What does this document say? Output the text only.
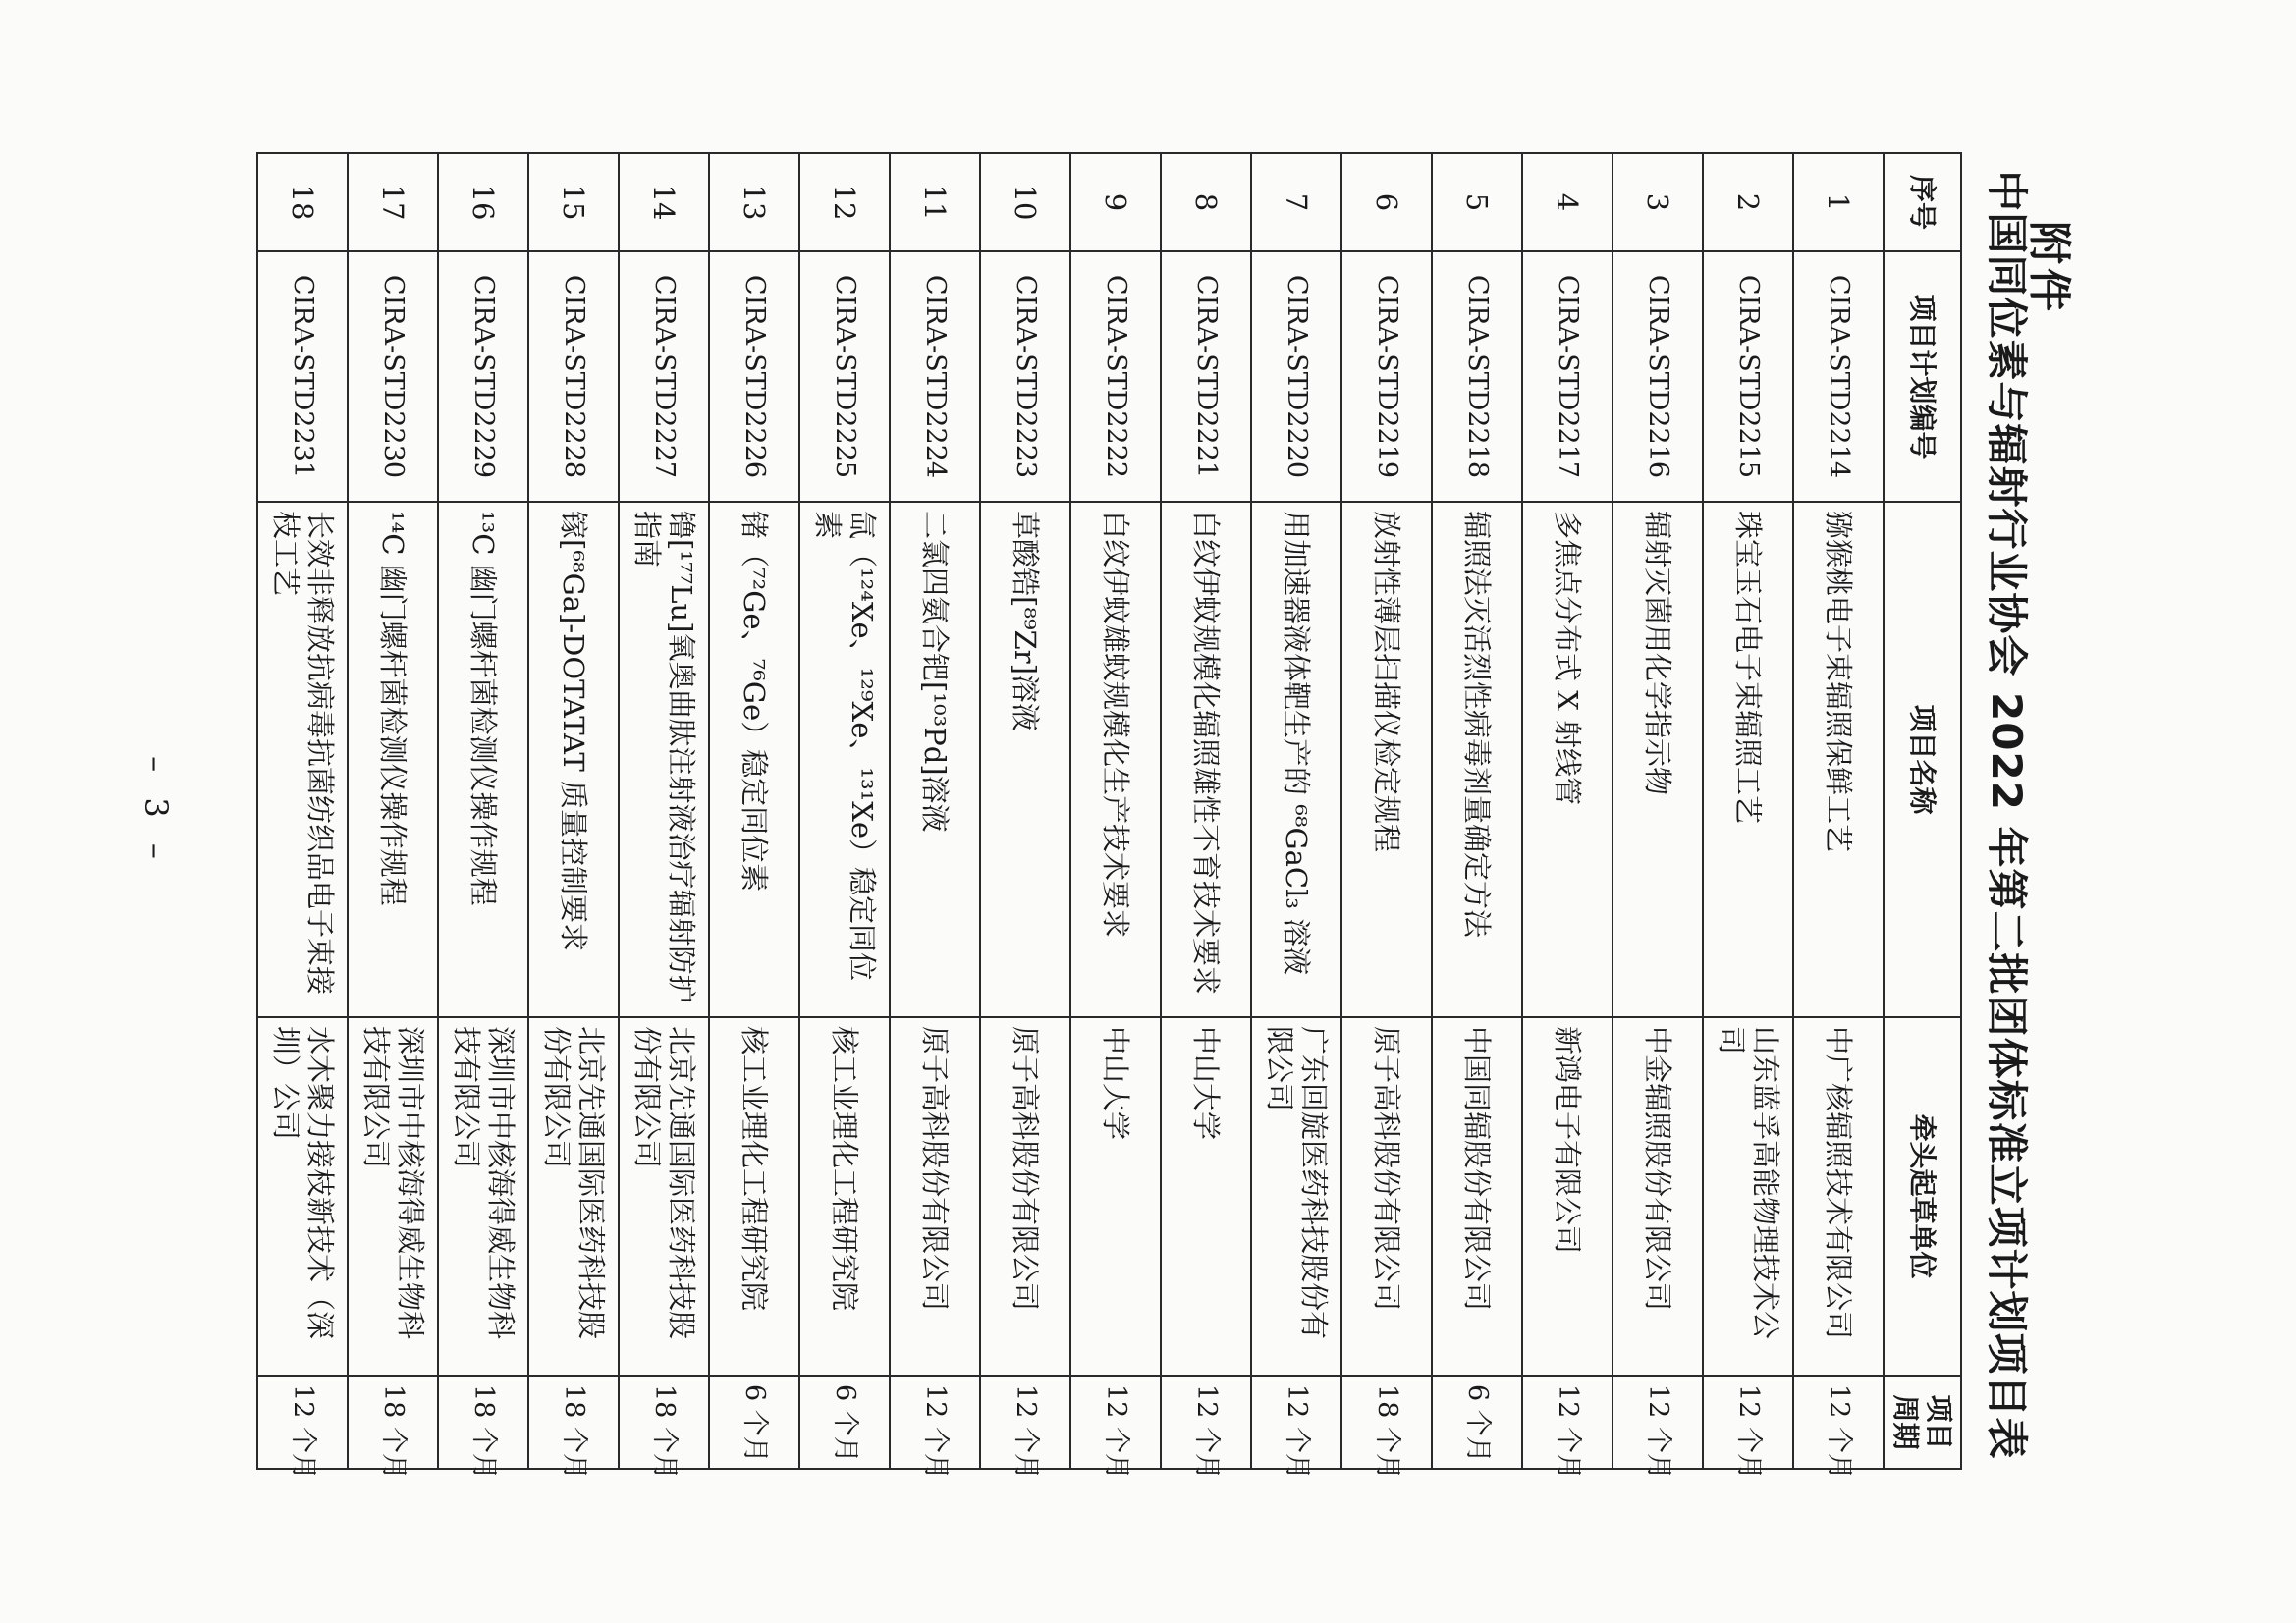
附件
中国同位素与辐射行业协会 2022 年第二批团体标准立项计划项目表
序号	项目计划编号	项目名称	牵头起草单位	项目周期
1	CIRA-STD2214	猕猴桃电子束辐照保鲜工艺	中广核辐照技术有限公司	12 个月
2	CIRA-STD2215	珠宝玉石电子束辐照工艺	山东蓝孚高能物理技术公司	12 个月
3	CIRA-STD2216	辐射灭菌用化学指示物	中金辐照股份有限公司	12 个月
4	CIRA-STD2217	多焦点分布式 X 射线管	新鸿电子有限公司	12 个月
5	CIRA-STD2218	辐照法灭活烈性病毒剂量确定方法	中国同辐股份有限公司	6 个月
6	CIRA-STD2219	放射性薄层扫描仪检定规程	原子高科股份有限公司	18 个月
7	CIRA-STD2220	用加速器液体靶生产的 ⁶⁸GaCl₃ 溶液	广东回旋医药科技股份有限公司	12 个月
8	CIRA-STD2221	白纹伊蚊规模化辐照雄性不育技术要求	中山大学	12 个月
9	CIRA-STD2222	白纹伊蚊雄蚊规模化生产技术要求	中山大学	12 个月
10	CIRA-STD2223	草酸锆[⁸⁹Zr]溶液	原子高科股份有限公司	12 个月
11	CIRA-STD2224	二氯四氨合钯[¹⁰³Pd]溶液	原子高科股份有限公司	12 个月
12	CIRA-STD2225	氙（¹²⁴Xe、¹²⁹Xe、¹³¹Xe）稳定同位素	核工业理化工程研究院	6 个月
13	CIRA-STD2226	锗（⁷²Ge、⁷⁶Ge）稳定同位素	核工业理化工程研究院	6 个月
14	CIRA-STD2227	镥[¹⁷⁷Lu]氧奥曲肽注射液治疗辐射防护指南	北京先通国际医药科技股份有限公司	18 个月
15	CIRA-STD2228	镓[⁶⁸Ga]-DOTATAT 质量控制要求	北京先通国际医药科技股份有限公司	18 个月
16	CIRA-STD2229	¹³C 幽门螺杆菌检测仪操作规程	深圳市中核海得威生物科技有限公司	18 个月
17	CIRA-STD2230	¹⁴C 幽门螺杆菌检测仪操作规程	深圳市中核海得威生物科技有限公司	18 个月
18	CIRA-STD2231	长效非释放抗病毒抗菌纺织品电子束接枝工艺	水木聚力接枝新技术（深圳）公司	12 个月
– 3 –
